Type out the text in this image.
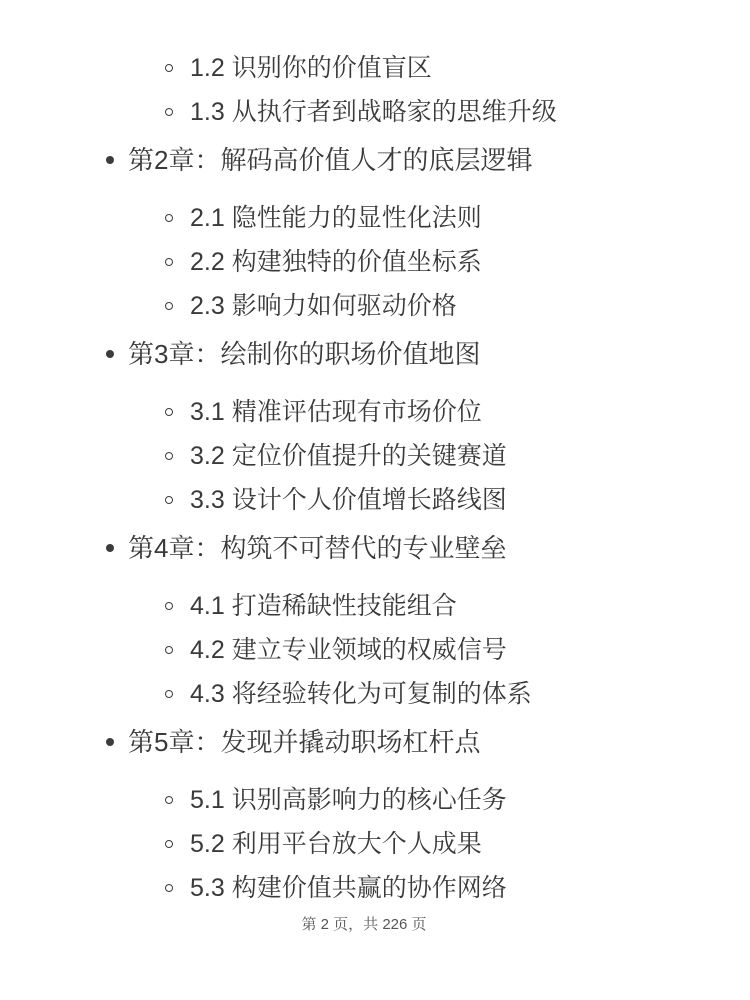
1.2 识别你的价值盲区
1.3 从执行者到战略家的思维升级
第2章：解码高价值人才的底层逻辑
2.1 隐性能力的显性化法则
2.2 构建独特的价值坐标系
2.3 影响力如何驱动价格
第3章：绘制你的职场价值地图
3.1 精准评估现有市场价位
3.2 定位价值提升的关键赛道
3.3 设计个人价值增长路线图
第4章：构筑不可替代的专业壁垒
4.1 打造稀缺性技能组合
4.2 建立专业领域的权威信号
4.3 将经验转化为可复制的体系
第5章：发现并撬动职场杠杆点
5.1 识别高影响力的核心任务
5.2 利用平台放大个人成果
5.3 构建价值共赢的协作网络
第 2 页，共 226 页
